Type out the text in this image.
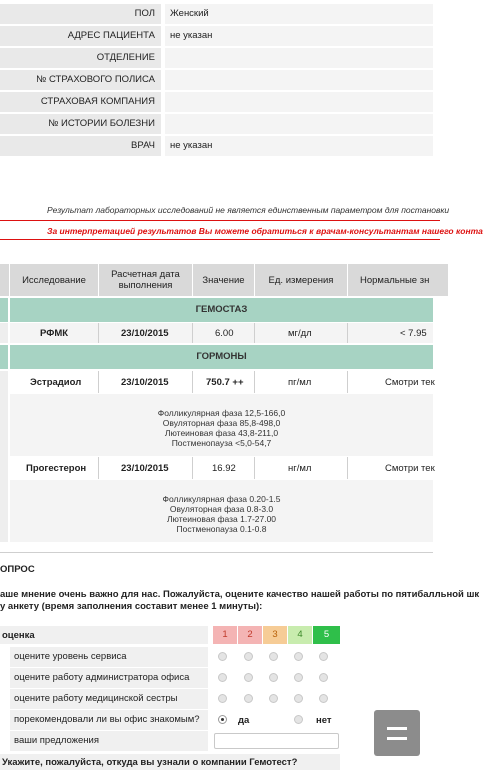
ПОЛ	Женский
АДРЕС ПАЦИЕНТА	не указан
ОТДЕЛЕНИЕ
№ СТРАХОВОГО ПОЛИСА
СТРАХОВАЯ КОМПАНИЯ
№ ИСТОРИИ БОЛЕЗНИ
ВРАЧ	не указан
Результат лабораторных исследований не является единственным параметром для постановки
За интерпретацией результатов Вы можете обратиться к врачам-консультантам нашего конта
Исследование	Расчетная дата выполнения	Значение	Ед. измерения	Нормальные зн
ГЕМОСТАЗ
РФМК	23/10/2015	6.00	мг/дл	< 7.95
ГОРМОНЫ
Эстрадиол	23/10/2015	750.7 ++	пг/мл	Смотри тек
Фолликулярная фаза 12,5-166,0
Овуляторная фаза 85,8-498,0
Лютеиновая фаза 43,8-211,0
Постменопауза <5,0-54,7
Прогестерон	23/10/2015	16.92	нг/мл	Смотри тек
Фолликулярная фаза 0.20-1.5
Овуляторная фаза 0.8-3.0
Лютеиновая фаза 1.7-27.00
Постменопауза 0.1-0.8
ОПРОС
аше мнение очень важно для нас. Пожалуйста, оцените качество нашей работы по пятибалльной шк
у анкету (время заполнения составит менее 1 минуты):
оценка	1	2	3	4	5
оцените уровень сервиса
оцените работу администратора офиса
оцените работу медицинской сестры
порекомендовали ли вы офис знакомым?	да	нет
ваши предложения
Укажите, пожалуйста, откуда вы узнали о компании Гемотест?
